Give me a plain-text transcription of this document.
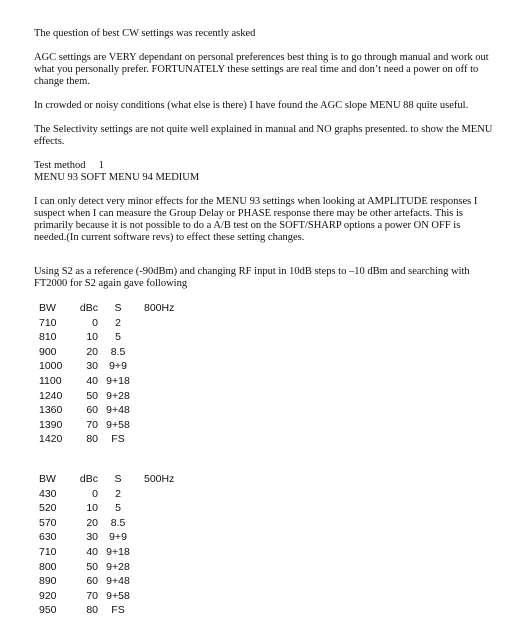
The question of best CW settings was recently asked

AGC settings are VERY dependant on personal preferences best thing is to go through manual and work out what you personally prefer. FORTUNATELY these settings are real time and don’t need a power on off to change them.

In crowded or noisy conditions (what else is there) I have found the AGC slope MENU 88 quite useful.

The Selectivity settings are not quite well explained in manual and NO graphs presented. to show the MENU effects.

Test method     1

MENU 93 SOFT MENU 94 MEDIUM

I can only detect very minor effects for the MENU 93 settings when looking at AMPLITUDE responses I suspect when I can measure the Group Delay or PHASE response there may be other artefacts. This is primarily because it is not possible to do a A/B test on the SOFT/SHARP options a power ON OFF is needed.(In current software revs) to effect these setting changes.

Using S2 as a reference (-90dBm) and changing RF input in 10dB steps to –10 dBm and searching with FT2000 for S2 again gave following

BW	dBc	S	800Hz
710	0	2	
810	10	5	
900	20	8.5	
1000	30	9+9	
1100	40	9+18	
1240	50	9+28	
1360	60	9+48	
1390	70	9+58	
1420	80	FS	
BW	dBc	S	500Hz
430	0	2	
520	10	5	
570	20	8.5	
630	30	9+9	
710	40	9+18	
800	50	9+28	
890	60	9+48	
920	70	9+58	
950	80	FS	
